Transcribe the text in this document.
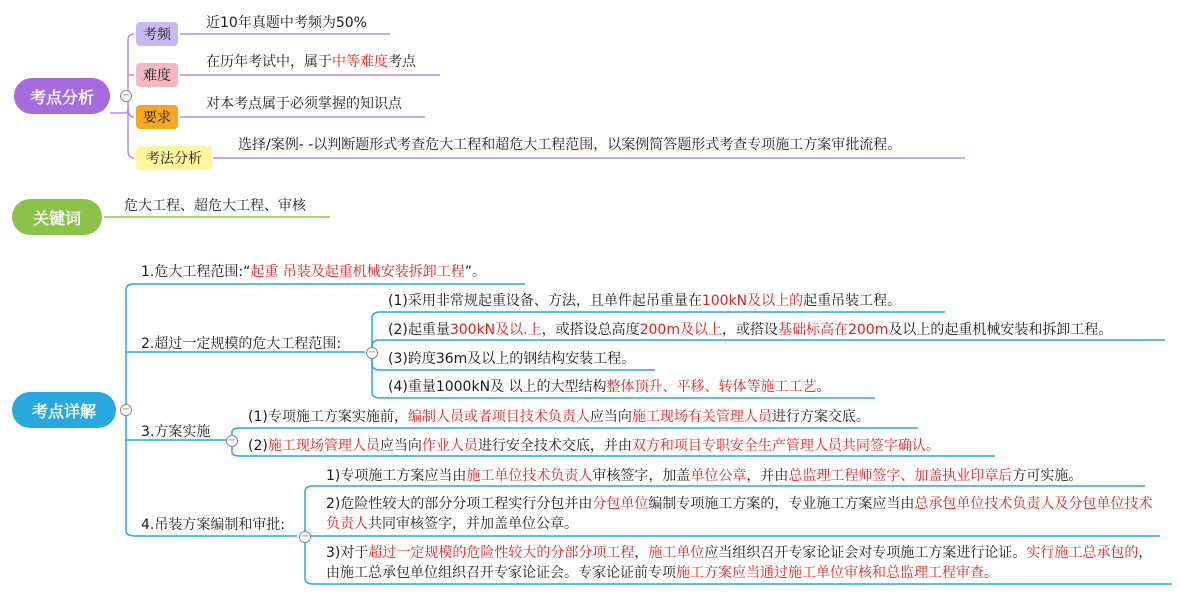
考点分析	−
考频
近10年真题中考频为50%
难度
在历年考试中，属于中等难度考点
要求
对本考点属于必须掌握的知识点
考法分析
选择/案例- -以判断题形式考查危大工程和超危大工程范围，以案例简答题形式考查专项施工方案审批流程。
关键词
危大工程、超危大工程、审核
考点详解	−
1.危大工程范围:“起重 吊装及起重机械安装拆卸工程”。
2.超过一定规模的危大工程范围:
−
(1)采用非常规起重设备、方法，且单件起吊重量在100kN及以上的起重吊装工程。
(2)起重量300kN及以.上，或搭设总高度200m及以上，或搭设基础标高在200m及以上的起重机械安装和拆卸工程。
(3)跨度36m及以上的钢结构安装工程。
(4)重量1000kN及 以上的大型结构整体顶升、平移、转体等施工工艺。
3.方案实施
−
(1)专项施工方案实施前，编制人员或者项目技术负责人应当向施工现场有关管理人员进行方案交底。
(2)施工现场管理人员应当向作业人员进行安全技术交底，并由双方和项目专职安全生产管理人员共同签字确认。
4.吊装方案编制和审批:
−
1)专项施工方案应当由施工单位技术负责人审核签字，加盖单位公章，并由总监理工程师签字、加盖执业印章后方可实施。
2)危险性较大的部分分项工程实行分包并由分包单位编制专项施工方案的，专业施工方案应当由总承包单位技术负责人及分包单位技术负责人共同审核签字，并加盖单位公章。
3)对于超过一定规模的危险性较大的分部分项工程，施工单位应当组织召开专家论证会对专项施工方案进行论证。实行施工总承包的，由施工总承包单位组织召开专家论证会。专家论证前专项施工方案应当通过施工单位审核和总监理工程审查。
